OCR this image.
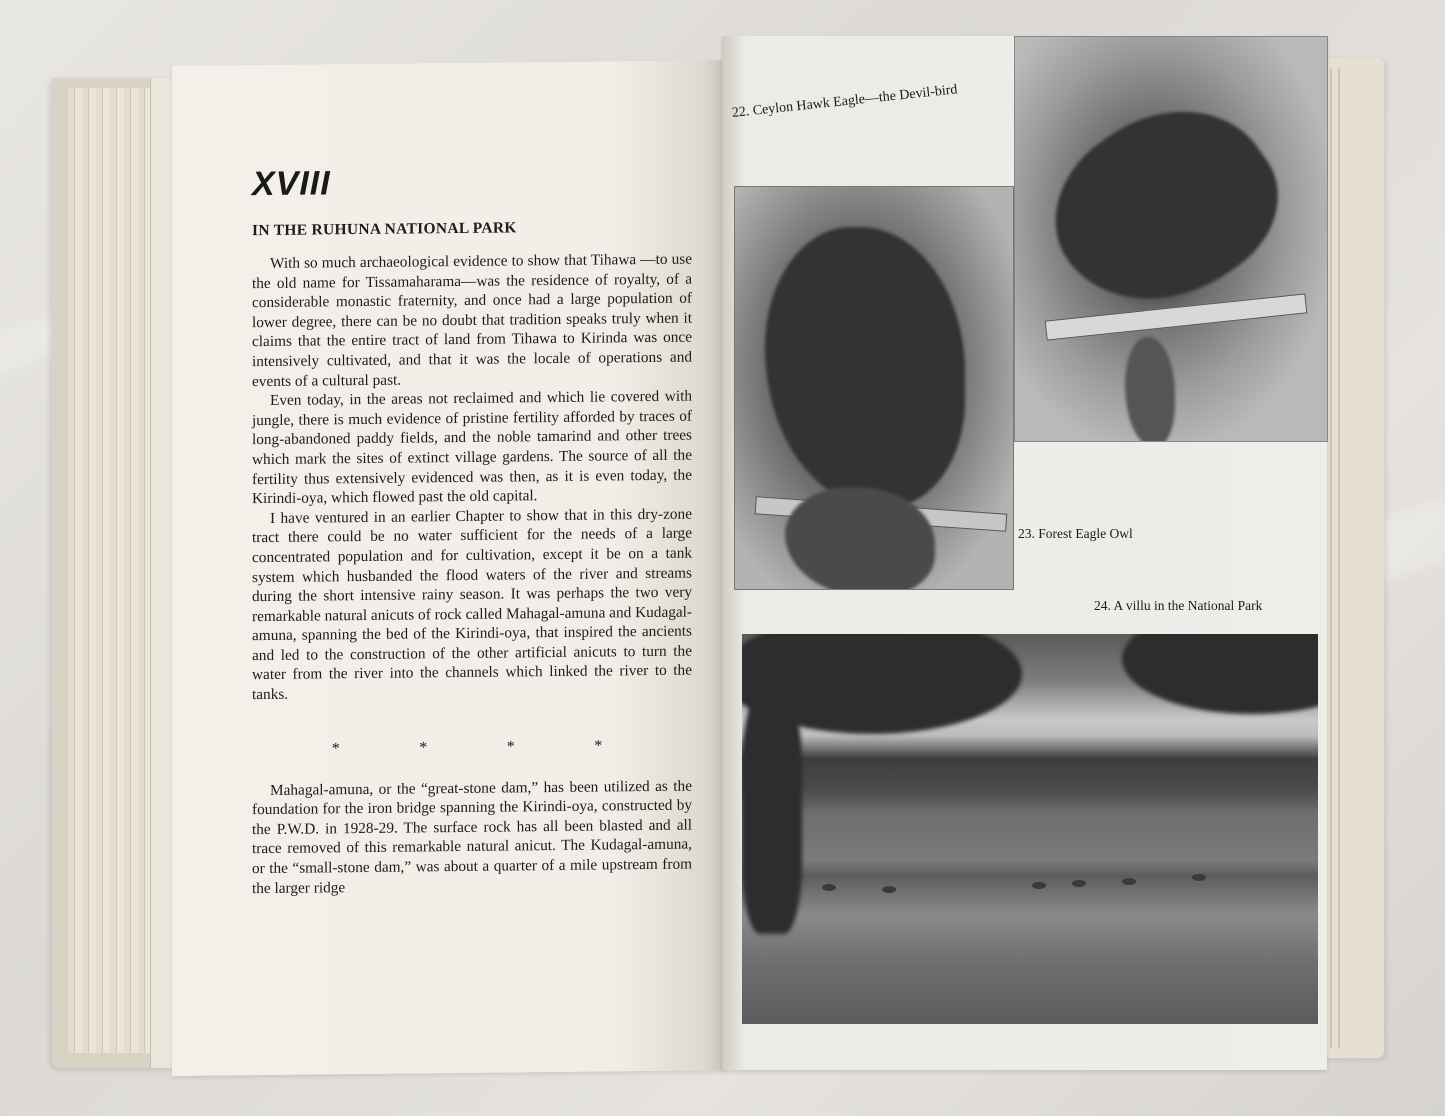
XVIII
IN THE RUHUNA NATIONAL PARK

With so much archaeological evidence to show that Tihawa —to use the old name for Tissamaharama—was the residence of royalty, of a considerable monastic fraternity, and once had a large population of lower degree, there can be no doubt that tradition speaks truly when it claims that the entire tract of land from Tihawa to Kirinda was once intensively cultivated, and that it was the locale of operations and events of a cultural past.

Even today, in the areas not reclaimed and which lie covered with jungle, there is much evidence of pristine fertility afforded by traces of long-abandoned paddy fields, and the noble tamarind and other trees which mark the sites of extinct village gardens. The source of all the fertility thus extensively evidenced was then, as it is even today, the Kirindi-oya, which flowed past the old capital.

I have ventured in an earlier Chapter to show that in this dry-zone tract there could be no water sufficient for the needs of a large concentrated population and for cultivation, except it be on a tank system which husbanded the flood waters of the river and streams during the short intensive rainy season. It was perhaps the two very remarkable natural anicuts of rock called Mahagal-amuna and Kudagal-amuna, spanning the bed of the Kirindi-oya, that inspired the ancients and led to the construction of the other artificial anicuts to turn the water from the river into the channels which linked the river to the tanks.

*	*	*	*

Mahagal-amuna, or the “great-stone dam,” has been utilized as the foundation for the iron bridge spanning the Kirindi-oya, constructed by the P.W.D. in 1928-29. The surface rock has all been blasted and all trace removed of this remarkable natural anicut. The Kudagal-amuna, or the “small-stone dam,” was about a quarter of a mile upstream from the larger ridge

22. Ceylon Hawk Eagle—the Devil-bird
23. Forest Eagle Owl
24. A villu in the National Park
